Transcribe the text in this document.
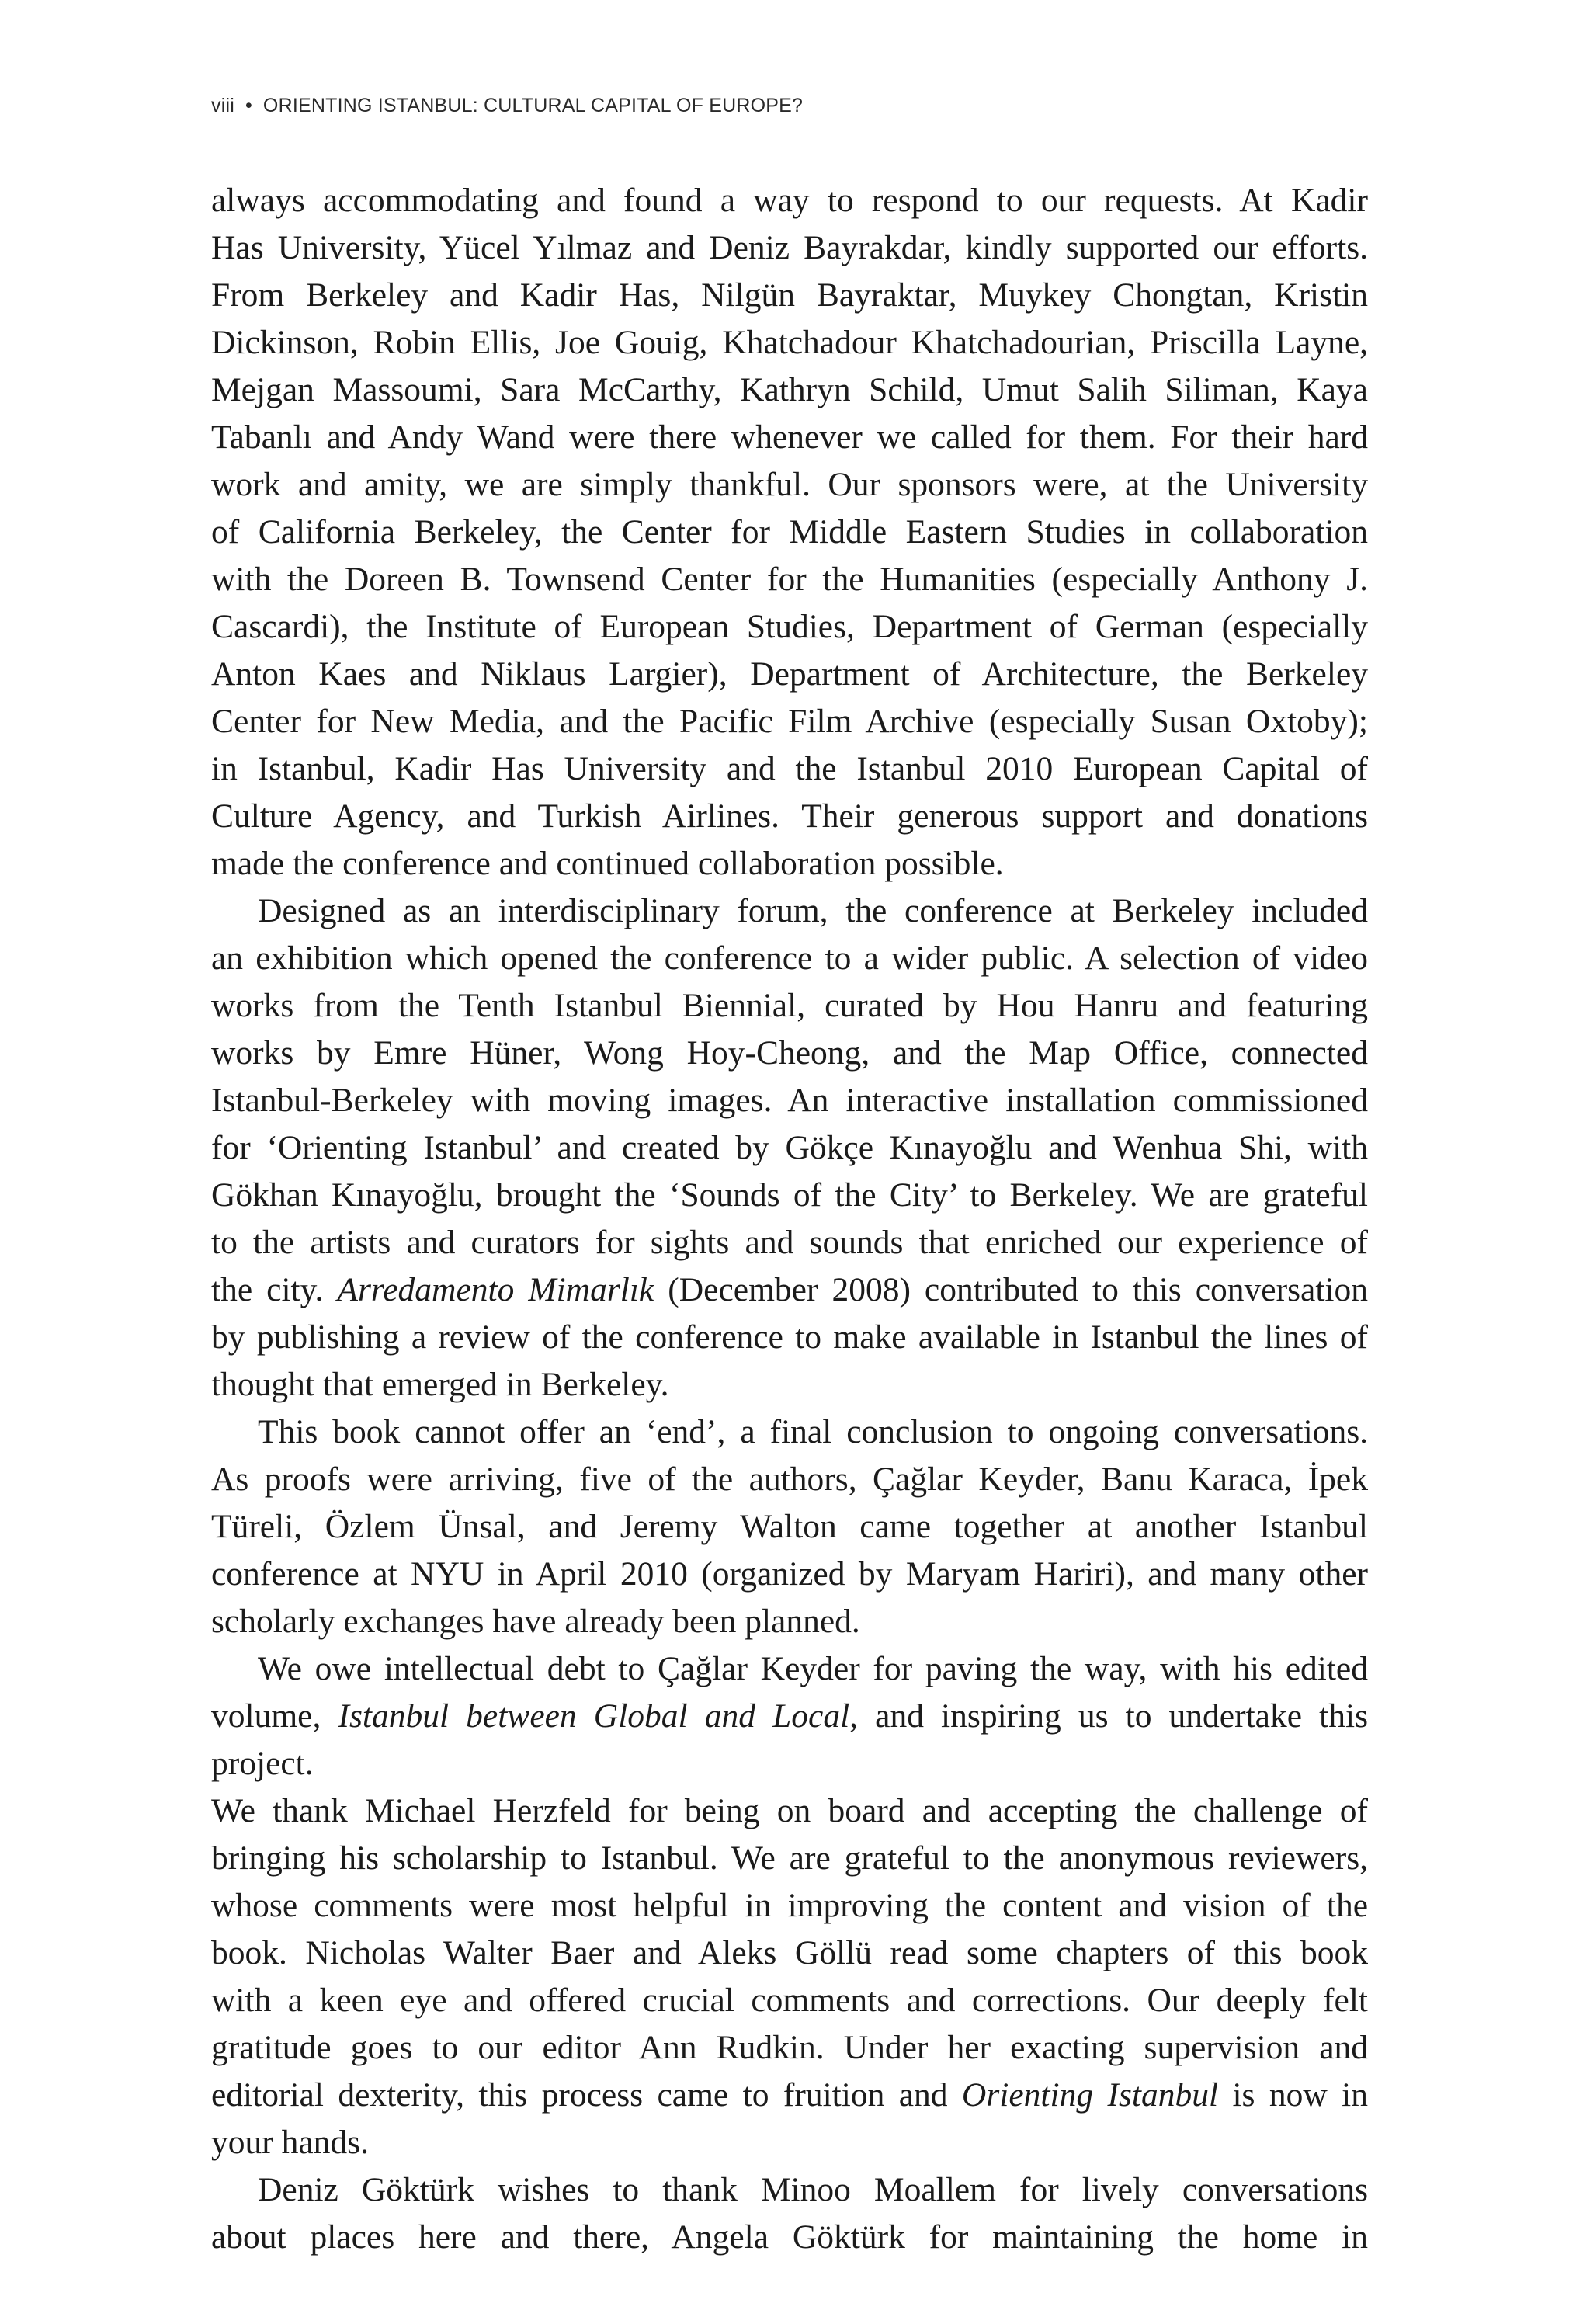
viii • ORIENTING ISTANBUL: CULTURAL CAPITAL OF EUROPE?
always accommodating and found a way to respond to our requests. At Kadir
Has University, Yücel Yılmaz and Deniz Bayrakdar, kindly supported our efforts.
From Berkeley and Kadir Has, Nilgün Bayraktar, Muykey Chongtan, Kristin
Dickinson, Robin Ellis, Joe Gouig, Khatchadour Khatchadourian, Priscilla Layne,
Mejgan Massoumi, Sara McCarthy, Kathryn Schild, Umut Salih Siliman, Kaya
Tabanlı and Andy Wand were there whenever we called for them. For their hard
work and amity, we are simply thankful. Our sponsors were, at the University
of California Berkeley, the Center for Middle Eastern Studies in collaboration
with the Doreen B. Townsend Center for the Humanities (especially Anthony J.
Cascardi), the Institute of European Studies, Department of German (especially
Anton Kaes and Niklaus Largier), Department of Architecture, the Berkeley
Center for New Media, and the Pacific Film Archive (especially Susan Oxtoby);
in Istanbul, Kadir Has University and the Istanbul 2010 European Capital of
Culture Agency, and Turkish Airlines. Their generous support and donations
made the conference and continued collaboration possible.
Designed as an interdisciplinary forum, the conference at Berkeley included
an exhibition which opened the conference to a wider public. A selection of video
works from the Tenth Istanbul Biennial, curated by Hou Hanru and featuring
works by Emre Hüner, Wong Hoy-Cheong, and the Map Office, connected
Istanbul-Berkeley with moving images. An interactive installation commissioned
for ‘Orienting Istanbul’ and created by Gökçe Kınayoğlu and Wenhua Shi, with
Gökhan Kınayoğlu, brought the ‘Sounds of the City’ to Berkeley. We are grateful
to the artists and curators for sights and sounds that enriched our experience of
the city. Arredamento Mimarlık (December 2008) contributed to this conversation
by publishing a review of the conference to make available in Istanbul the lines of
thought that emerged in Berkeley.
This book cannot offer an ‘end’, a final conclusion to ongoing conversations.
As proofs were arriving, five of the authors, Çağlar Keyder, Banu Karaca, İpek
Türeli, Özlem Ünsal, and Jeremy Walton came together at another Istanbul
conference at NYU in April 2010 (organized by Maryam Hariri), and many other
scholarly exchanges have already been planned.
We owe intellectual debt to Çağlar Keyder for paving the way, with his edited
volume, Istanbul between Global and Local, and inspiring us to undertake this project.
We thank Michael Herzfeld for being on board and accepting the challenge of
bringing his scholarship to Istanbul. We are grateful to the anonymous reviewers,
whose comments were most helpful in improving the content and vision of the
book. Nicholas Walter Baer and Aleks Göllü read some chapters of this book
with a keen eye and offered crucial comments and corrections. Our deeply felt
gratitude goes to our editor Ann Rudkin. Under her exacting supervision and
editorial dexterity, this process came to fruition and Orienting Istanbul is now in
your hands.
Deniz Göktürk wishes to thank Minoo Moallem for lively conversations
about places here and there, Angela Göktürk for maintaining the home in
